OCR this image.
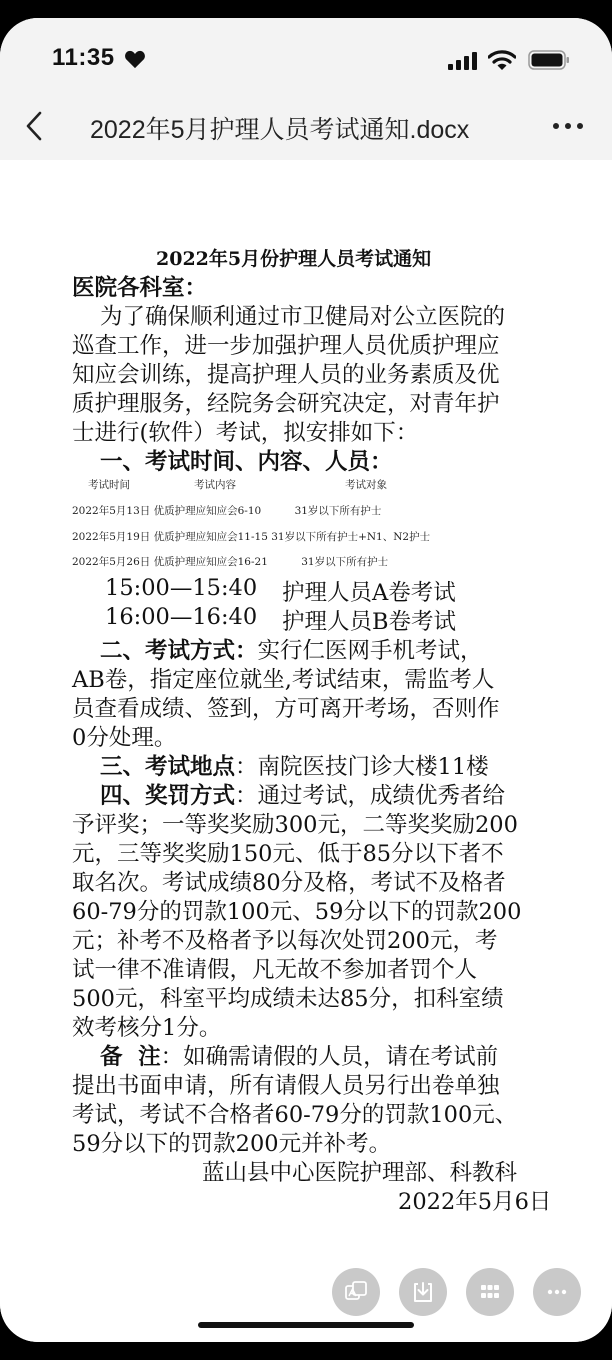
11:35
2022年5月护理人员考试通知.docx
2022年5月份护理人员考试通知
医院各科室：
为了确保顺利通过市卫健局对公立医院的
巡查工作，进一步加强护理人员优质护理应
知应会训练，提高护理人员的业务素质及优
质护理服务，经院务会研究决定，对青年护
士进行(软件）考试，拟安排如下：
一、考试时间、内容、人员：
考试时间	考试内容	考试对象
2022年5月13日 优质护理应知应会6-10          31岁以下所有护士
2022年5月19日 优质护理应知应会11-15 31岁以下所有护士+N1、N2护士
2022年5月26日 优质护理应知应会16-21          31岁以下所有护士
15:00—15:40 护理人员A卷考试
16:00—16:40 护理人员B卷考试
二、考试方式：实行仁医网手机考试，
AB卷，指定座位就坐,考试结束，需监考人
员查看成绩、签到，方可离开考场，否则作
0分处理。
三、考试地点：南院医技门诊大楼11楼
四、奖罚方式：通过考试，成绩优秀者给
予评奖；一等奖奖励300元，二等奖奖励200
元，三等奖奖励150元、低于85分以下者不
取名次。考试成绩80分及格，考试不及格者
60-79分的罚款100元、59分以下的罚款200
元；补考不及格者予以每次处罚200元，考
试一律不准请假，凡无故不参加者罚个人
500元，科室平均成绩未达85分，扣科室绩
效考核分1分。
备  注：如确需请假的人员，请在考试前
提出书面申请，所有请假人员另行出卷单独
考试，考试不合格者60-79分的罚款100元、
59分以下的罚款200元并补考。
蓝山县中心医院护理部、科教科
2022年5月6日
